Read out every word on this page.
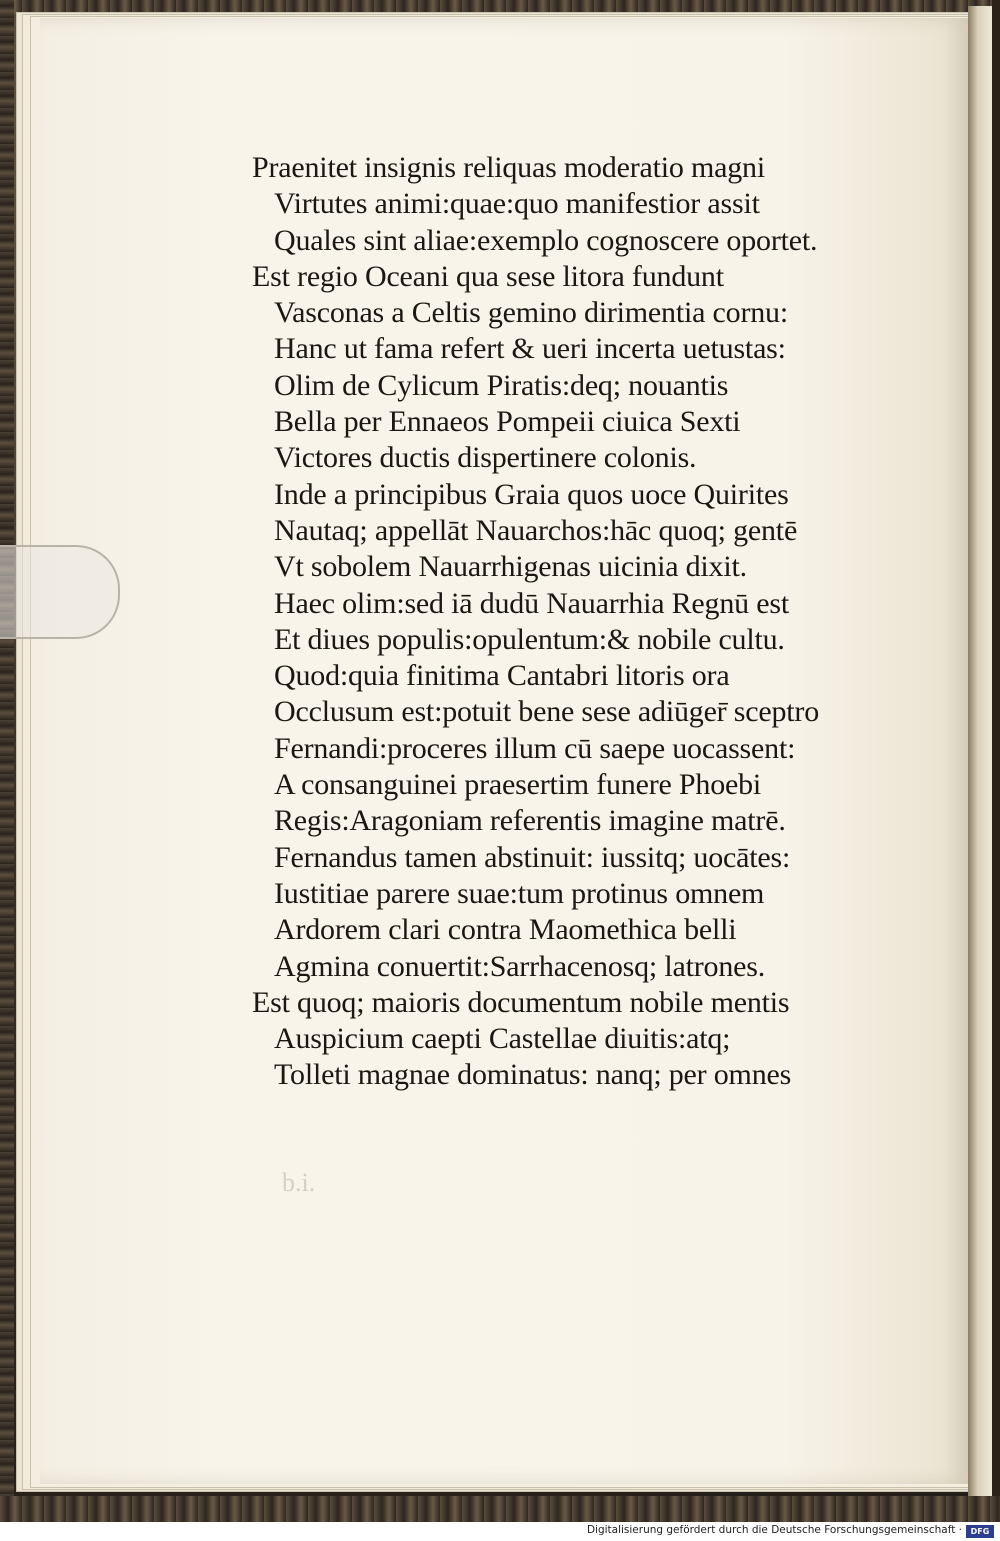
Praenitet insignis reliquas moderatio magni
Virtutes animi:quae:quo manifestior assit
Quales sint aliae:exemplo cognoscere oportet.
Est regio Oceani qua sese litora fundunt
Vasconas a Celtis gemino dirimentia cornu:
Hanc ut fama refert & ueri incerta uetustas:
Olim de Cylicum Piratis:deq; nouantis
Bella per Ennaeos Pompeii ciuica Sexti
Victores ductis dispertinere colonis.
Inde a principibus Graia quos uoce Quirites
Nautaq; appellāt Nauarchos:hāc quoq; gentē
Vt sobolem Nauarrhigenas uicinia dixit.
Haec olim:sed iā dudū Nauarrhia Regnū est
Et diues populis:opulentum:& nobile cultu.
Quod:quia finitima Cantabri litoris ora
Occlusum est:potuit bene sese adiūger̄ sceptro
Fernandi:proceres illum cū saepe uocassent:
A consanguinei praesertim funere Phoebi
Regis:Aragoniam referentis imagine matrē.
Fernandus tamen abstinuit: iussitq; uocātes:
Iustitiae parere suae:tum protinus omnem
Ardorem clari contra Maomethica belli
Agmina conuertit:Sarrhacenosq; latrones.
Est quoq; maioris documentum nobile mentis
Auspicium caepti Castellae diuitis:atq;
Tolleti magnae dominatus: nanq; per omnes
b.i.
Digitalisierung gefördert durch die Deutsche Forschungsgemeinschaft ·	DFG
